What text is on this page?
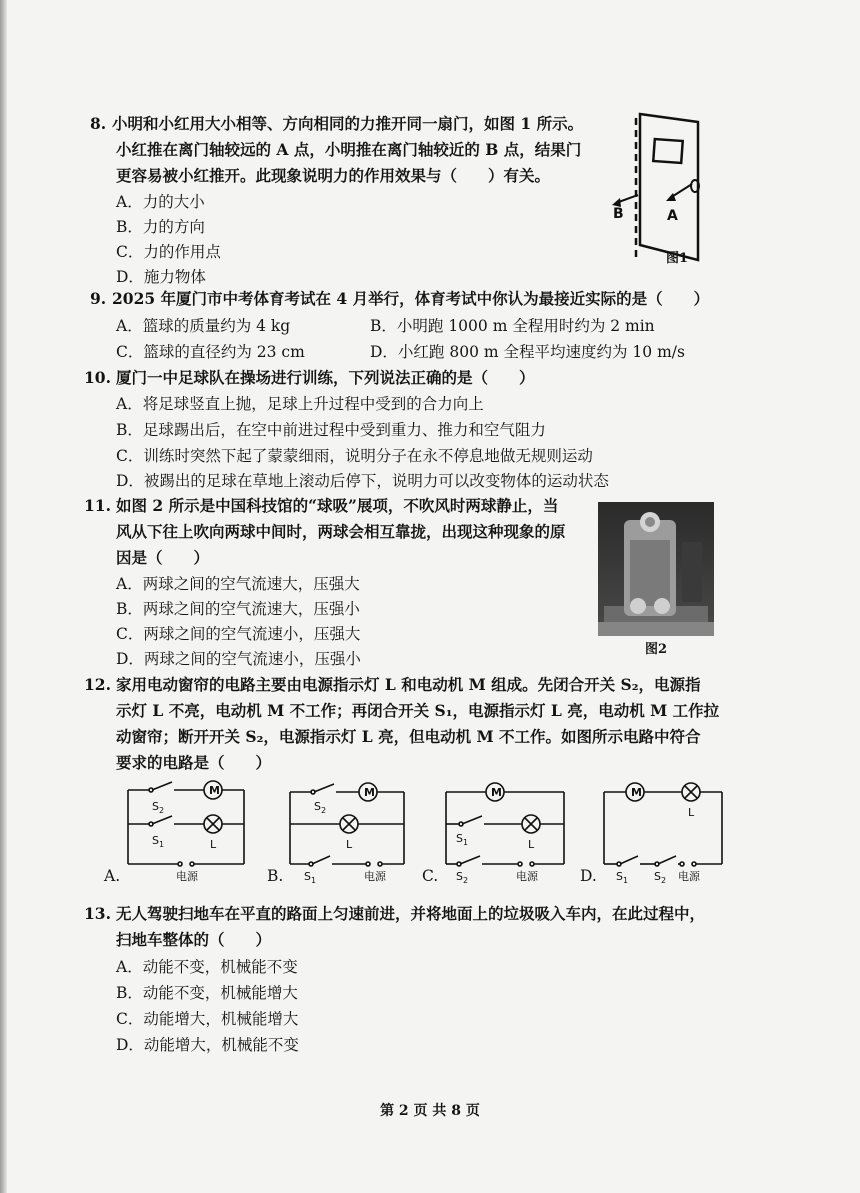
8. 小明和小红用大小相等、方向相同的力推开同一扇门，如图 1 所示。
小红推在离门轴较远的 A 点，小明推在离门轴较近的 B 点，结果门
更容易被小红推开。此现象说明力的作用效果与（　　）有关。
A．力的大小
B．力的方向
C．力的作用点
D．施力物体
B	A
图1
9. 2025 年厦门市中考体育考试在 4 月举行，体育考试中你认为最接近实际的是（　　）
A．篮球的质量约为 4 kg	B．小明跑 1000 m 全程用时约为 2 min
C．篮球的直径约为 23 cm	D．小红跑 800 m 全程平均速度约为 10 m/s
10. 厦门一中足球队在操场进行训练，下列说法正确的是（　　）
A．将足球竖直上抛，足球上升过程中受到的合力向上
B．足球踢出后，在空中前进过程中受到重力、推力和空气阻力
C．训练时突然下起了蒙蒙细雨，说明分子在永不停息地做无规则运动
D．被踢出的足球在草地上滚动后停下，说明力可以改变物体的运动状态
11. 如图 2 所示是中国科技馆的“球吸”展项，不吹风时两球静止，当
风从下往上吹向两球中间时，两球会相互靠拢，出现这种现象的原
因是（　　）
A．两球之间的空气流速大，压强大
B．两球之间的空气流速大，压强小
C．两球之间的空气流速小，压强大
D．两球之间的空气流速小，压强小
图2
12. 家用电动窗帘的电路主要由电源指示灯 L 和电动机 M 组成。先闭合开关 S₂，电源指
示灯 L 不亮，电动机 M 不工作；再闭合开关 S₁，电源指示灯 L 亮，电动机 M 工作拉
动窗帘；断开开关 S₂，电源指示灯 L 亮，但电动机 M 不工作。如图所示电路中符合
要求的电路是（　　）
M
$S_2$
$S_1$	L
电源
A.
M
$S_2$
L
$S_1$	电源
B.
M
$S_1$	L
$S_2$	电源
C.
M
L
$S_1$ $S_2$ 电源
D.
13. 无人驾驶扫地车在平直的路面上匀速前进，并将地面上的垃圾吸入车内，在此过程中，
扫地车整体的（　　）
A．动能不变，机械能不变
B．动能不变，机械能增大
C．动能增大，机械能增大
D．动能增大，机械能不变
第 2 页 共 8 页
